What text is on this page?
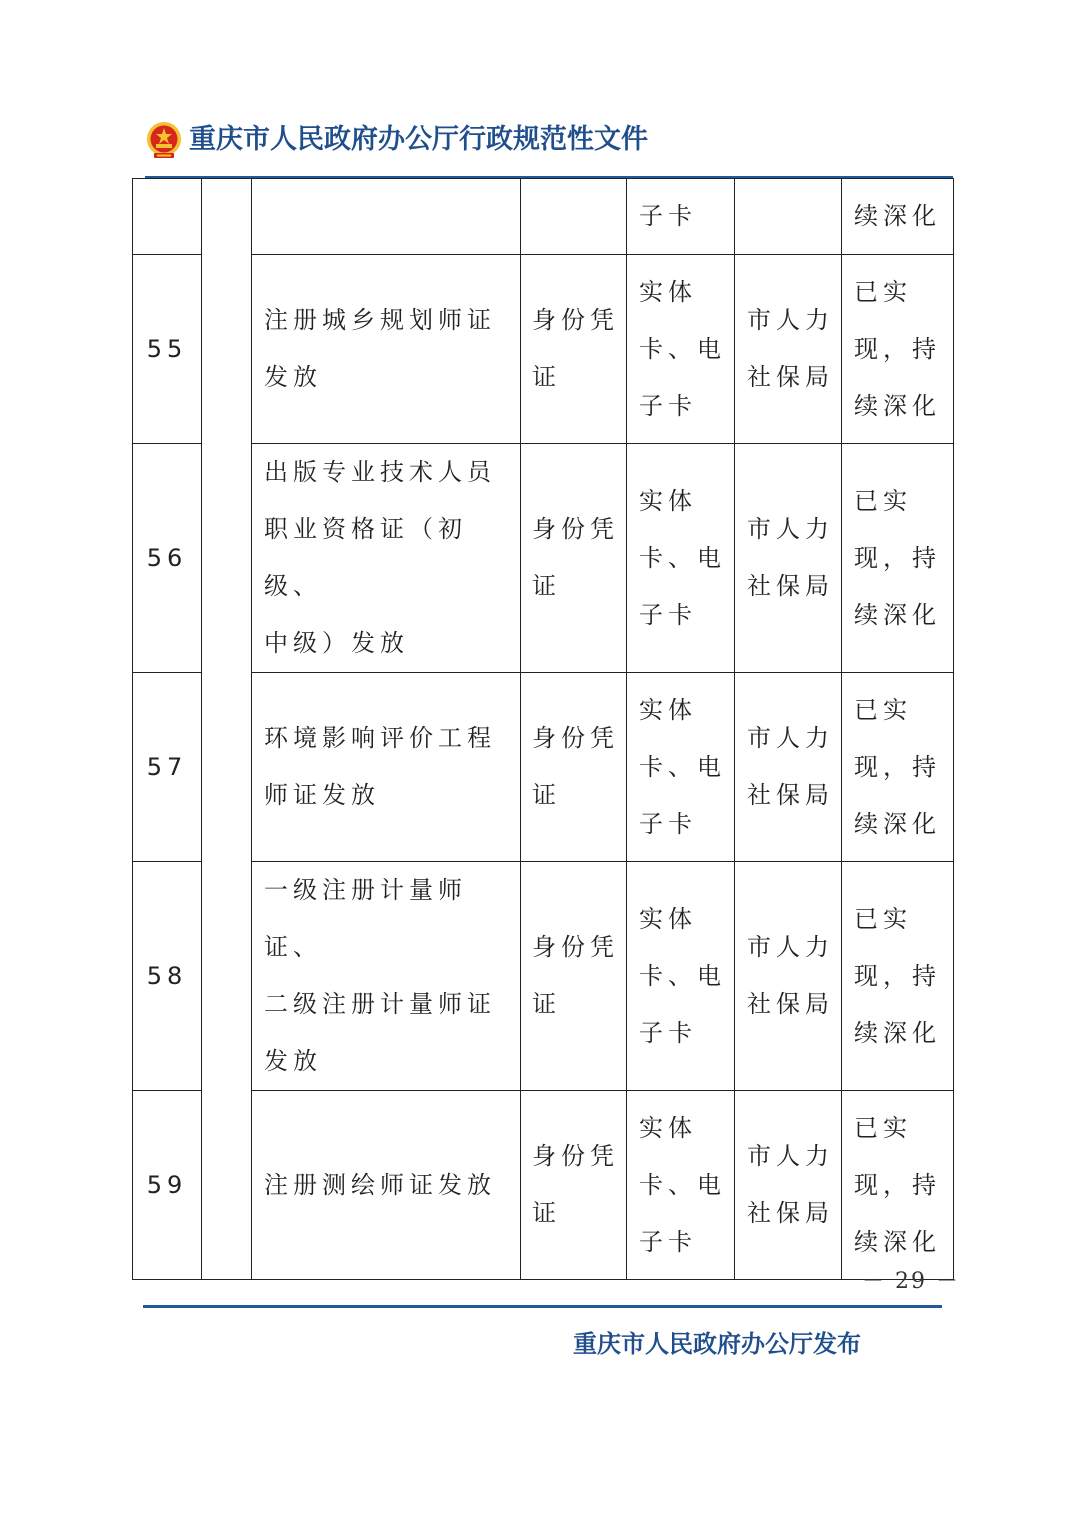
重庆市人民政府办公厅行政规范性文件
				子卡		续深化
55		注册城乡规划师证
发放	身份凭
证	实体
卡、电
子卡	市人力
社保局	已实
现，持
续深化
56		出版专业技术人员
职业资格证（初级、
中级）发放	身份凭
证	实体
卡、电
子卡	市人力
社保局	已实
现，持
续深化
57		环境影响评价工程
师证发放	身份凭
证	实体
卡、电
子卡	市人力
社保局	已实
现，持
续深化
58		一级注册计量师证、
二级注册计量师证
发放	身份凭
证	实体
卡、电
子卡	市人力
社保局	已实
现，持
续深化
59		注册测绘师证发放	身份凭
证	实体
卡、电
子卡	市人力
社保局	已实
现，持
续深化
－ 29 －
重庆市人民政府办公厅发布
